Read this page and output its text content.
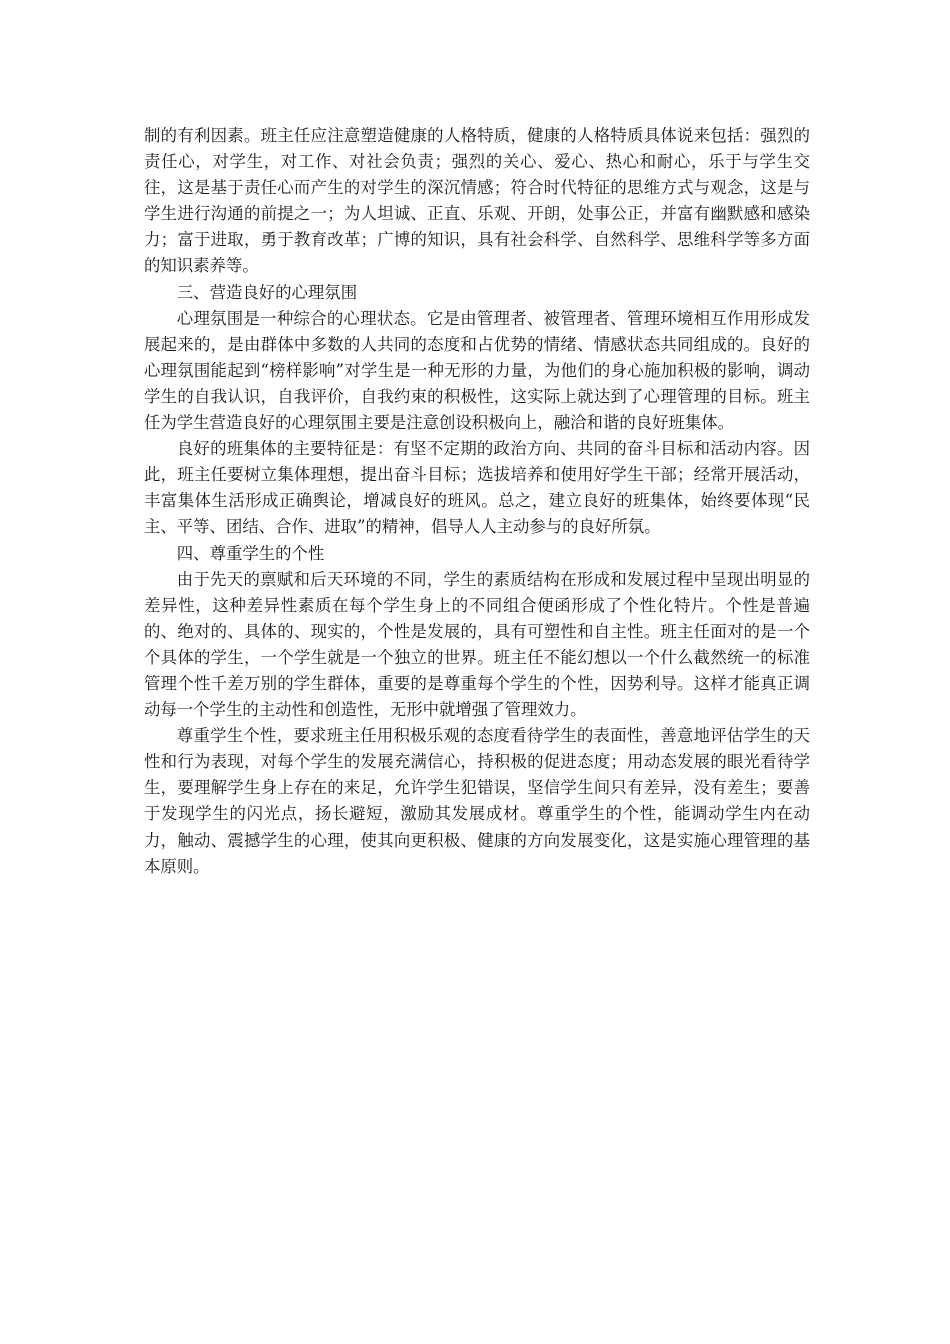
制的有利因素。班主任应注意塑造健康的人格特质，健康的人格特质具体说来包括：强烈的责任心，对学生，对工作、对社会负责；强烈的关心、爱心、热心和耐心，乐于与学生交往，这是基于责任心而产生的对学生的深沉情感；符合时代特征的思维方式与观念，这是与学生进行沟通的前提之一；为人坦诚、正直、乐观、开朗，处事公正，并富有幽默感和感染力；富于进取，勇于教育改革；广博的知识，具有社会科学、自然科学、思维科学等多方面的知识素养等。

三、营造良好的心理氛围

心理氛围是一种综合的心理状态。它是由管理者、被管理者、管理环境相互作用形成发展起来的，是由群体中多数的人共同的态度和占优势的情绪、情感状态共同组成的。良好的心理氛围能起到“榜样影响”对学生是一种无形的力量，为他们的身心施加积极的影响，调动学生的自我认识，自我评价，自我约束的积极性，这实际上就达到了心理管理的目标。班主任为学生营造良好的心理氛围主要是注意创设积极向上，融洽和谐的良好班集体。

良好的班集体的主要特征是：有坚不定期的政治方向、共同的奋斗目标和活动内容。因此，班主任要树立集体理想，提出奋斗目标；选拔培养和使用好学生干部；经常开展活动，丰富集体生活形成正确舆论，增减良好的班风。总之，建立良好的班集体，始终要体现“民主、平等、团结、合作、进取”的精神，倡导人人主动参与的良好所氛。

四、尊重学生的个性

由于先天的禀赋和后天环境的不同，学生的素质结构在形成和发展过程中呈现出明显的差异性，这种差异性素质在每个学生身上的不同组合便函形成了个性化特片。个性是普遍的、绝对的、具体的、现实的，个性是发展的，具有可塑性和自主性。班主任面对的是一个个具体的学生，一个学生就是一个独立的世界。班主任不能幻想以一个什么截然统一的标准管理个性千差万别的学生群体，重要的是尊重每个学生的个性，因势利导。这样才能真正调动每一个学生的主动性和创造性，无形中就增强了管理效力。

尊重学生个性，要求班主任用积极乐观的态度看待学生的表面性，善意地评估学生的天性和行为表现，对每个学生的发展充满信心，持积极的促进态度；用动态发展的眼光看待学生，要理解学生身上存在的来足，允许学生犯错误，坚信学生间只有差异，没有差生；要善于发现学生的闪光点，扬长避短，激励其发展成材。尊重学生的个性，能调动学生内在动力，触动、震撼学生的心理，使其向更积极、健康的方向发展变化，这是实施心理管理的基本原则。
